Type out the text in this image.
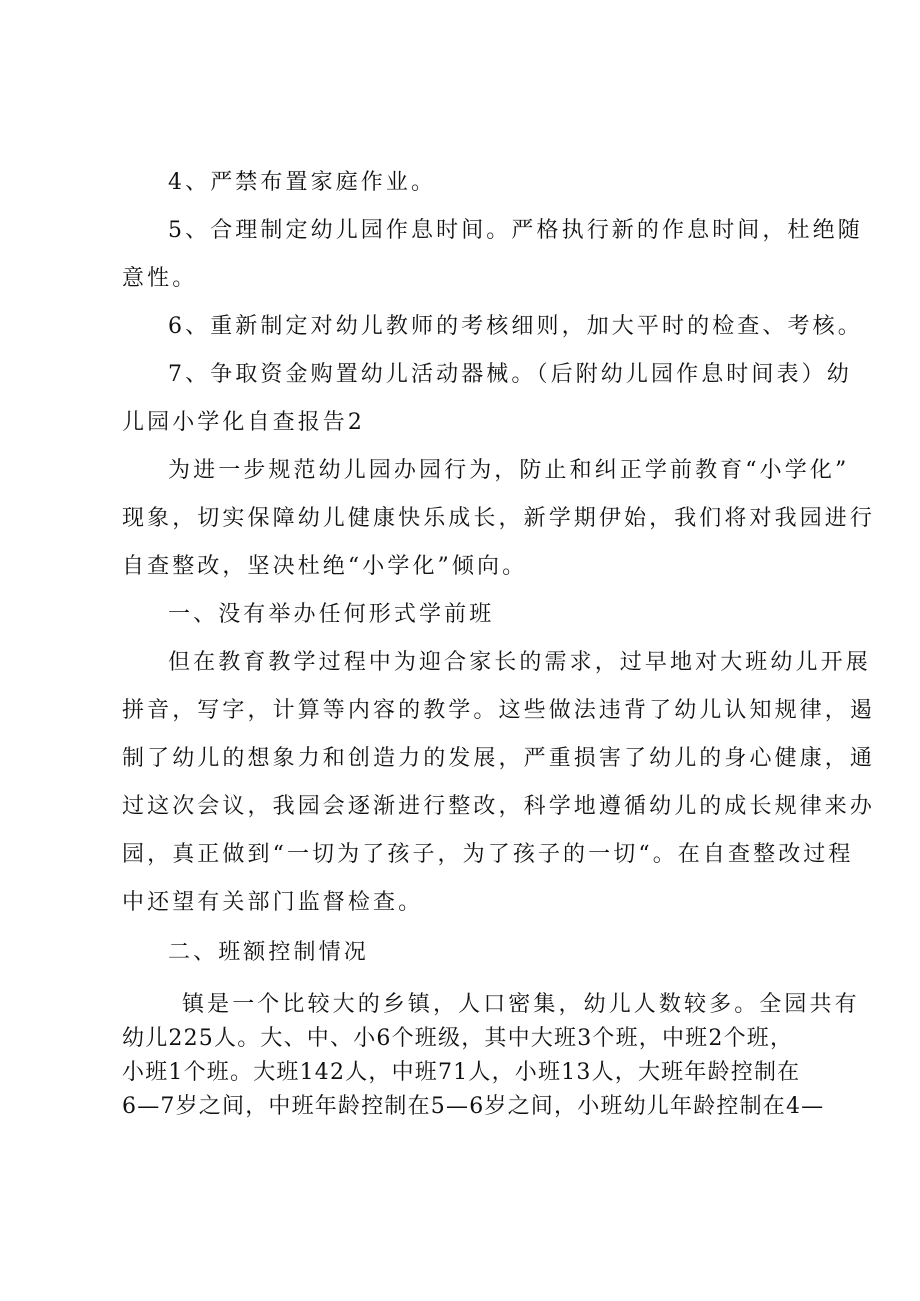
4、严禁布置家庭作业。
5、合理制定幼儿园作息时间。严格执行新的作息时间，杜绝随
意性。
6、重新制定对幼儿教师的考核细则，加大平时的检查、考核。
7、争取资金购置幼儿活动器械。（后附幼儿园作息时间表）幼
儿园小学化自查报告2
为进一步规范幼儿园办园行为，防止和纠正学前教育“小学化”
现象，切实保障幼儿健康快乐成长，新学期伊始，我们将对我园进行
自查整改，坚决杜绝“小学化”倾向。
一、没有举办任何形式学前班
但在教育教学过程中为迎合家长的需求，过早地对大班幼儿开展
拼音，写字，计算等内容的教学。这些做法违背了幼儿认知规律，遏
制了幼儿的想象力和创造力的发展，严重损害了幼儿的身心健康，通
过这次会议，我园会逐渐进行整改，科学地遵循幼儿的成长规律来办
园，真正做到“一切为了孩子，为了孩子的一切“。在自查整改过程
中还望有关部门监督检查。
二、班额控制情况
镇是一个比较大的乡镇，人口密集，幼儿人数较多。全园共有
幼儿225人。大、中、小6个班级，其中大班3个班，中班2个班，
小班1个班。大班142人，中班71人，小班13人，大班年龄控制在
6—7岁之间，中班年龄控制在5—6岁之间，小班幼儿年龄控制在4—
